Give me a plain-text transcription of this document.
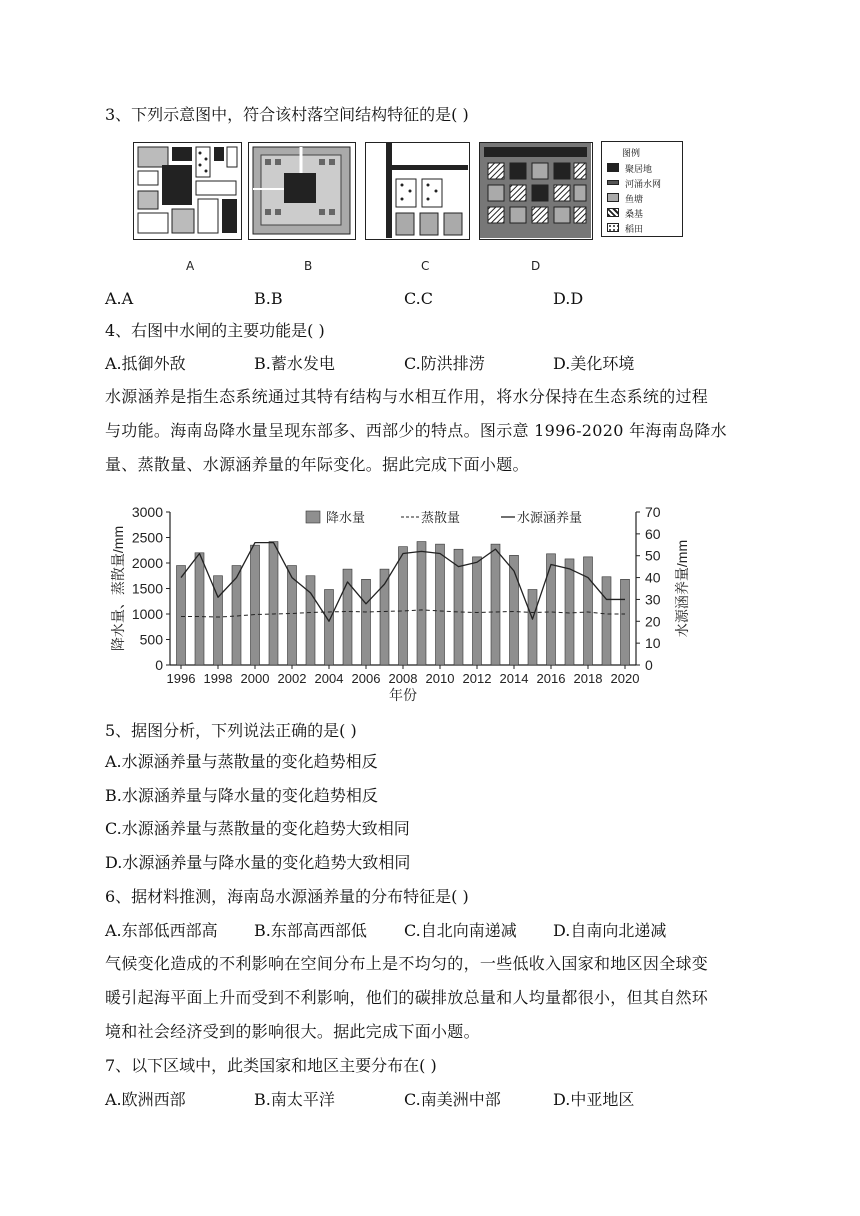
3、下列示意图中，符合该村落空间结构特征的是( )
图例
聚居地
河涌水网
鱼塘
桑基
稻田
A	B	C	D
A.A	B.B	C.C	D.D
4、右图中水闸的主要功能是( )
A.抵御外敌	B.蓄水发电	C.防洪排涝	D.美化环境
水源涵养是指生态系统通过其特有结构与水相互作用，将水分保持在生态系统的过程
与功能。海南岛降水量呈现东部多、西部少的特点。图示意 1996-2020 年海南岛降水
量、蒸散量、水源涵养量的年际变化。据此完成下面小题。
0
500
1000
1500
2000
2500
3000
0
10
20
30
40
50
60
70
1996 1998 2000 2002 2004 2006 2008 2010 2012 2014 2016 2018 2020
年份
降水量、蒸散量/mm	水源涵养量/mm
降水量	蒸散量	水源涵养量
5、据图分析，下列说法正确的是( )
A.水源涵养量与蒸散量的变化趋势相反
B.水源涵养量与降水量的变化趋势相反
C.水源涵养量与蒸散量的变化趋势大致相同
D.水源涵养量与降水量的变化趋势大致相同
6、据材料推测，海南岛水源涵养量的分布特征是( )
A.东部低西部高 B.东部高西部低 C.自北向南递减 D.自南向北递减
气候变化造成的不利影响在空间分布上是不均匀的，一些低收入国家和地区因全球变
暖引起海平面上升而受到不利影响，他们的碳排放总量和人均量都很小，但其自然环
境和社会经济受到的影响很大。据此完成下面小题。
7、以下区域中，此类国家和地区主要分布在( )
A.欧洲西部	B.南太平洋	C.南美洲中部	D.中亚地区
